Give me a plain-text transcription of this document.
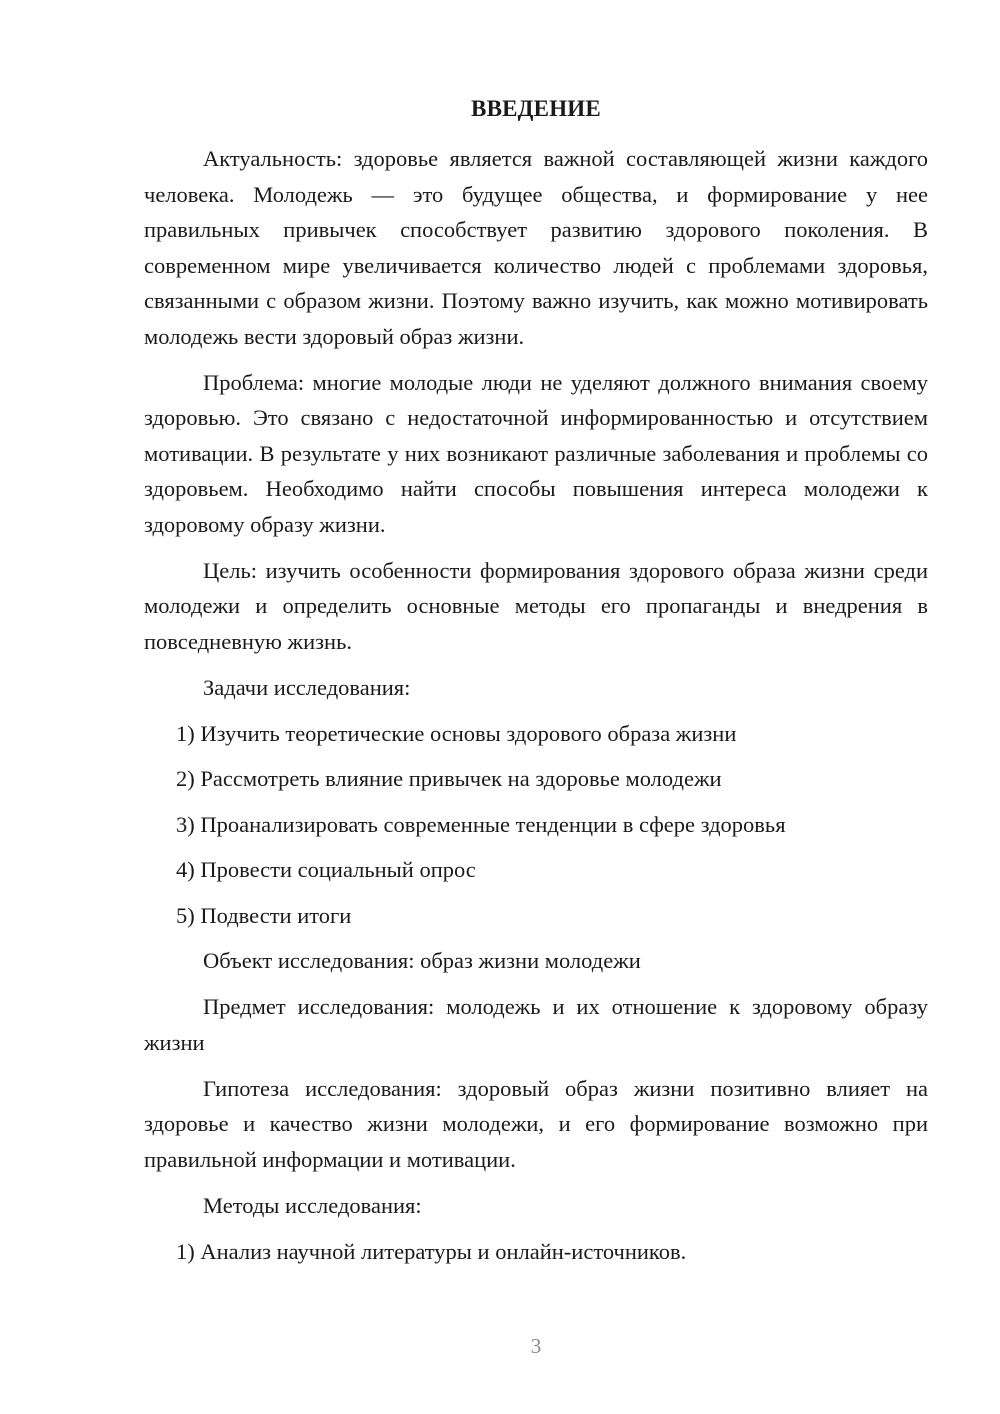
ВВЕДЕНИЕ

Актуальность: здоровье является важной составляющей жизни каждого человека. Молодежь — это будущее общества, и формирование у нее правильных привычек способствует развитию здорового поколения. В современном мире увеличивается количество людей с проблемами здоровья, связанными с образом жизни. Поэтому важно изучить, как можно мотивировать молодежь вести здоровый образ жизни.

Проблема: многие молодые люди не уделяют должного внимания своему здоровью. Это связано с недостаточной информированностью и отсутствием мотивации. В результате у них возникают различные заболевания и проблемы со здоровьем. Необходимо найти способы повышения интереса молодежи к здоровому образу жизни.

Цель: изучить особенности формирования здорового образа жизни среди молодежи и определить основные методы его пропаганды и внедрения в повседневную жизнь.

Задачи исследования:

1) Изучить теоретические основы здорового образа жизни
2) Рассмотреть влияние привычек на здоровье молодежи
3) Проанализировать современные тенденции в сфере здоровья
4) Провести социальный опрос
5) Подвести итоги

Объект исследования: образ жизни молодежи

Предмет исследования: молодежь и их отношение к здоровому образу жизни

Гипотеза исследования: здоровый образ жизни позитивно влияет на здоровье и качество жизни молодежи, и его формирование возможно при правильной информации и мотивации.

Методы исследования:

1) Анализ научной литературы и онлайн-источников.
3
